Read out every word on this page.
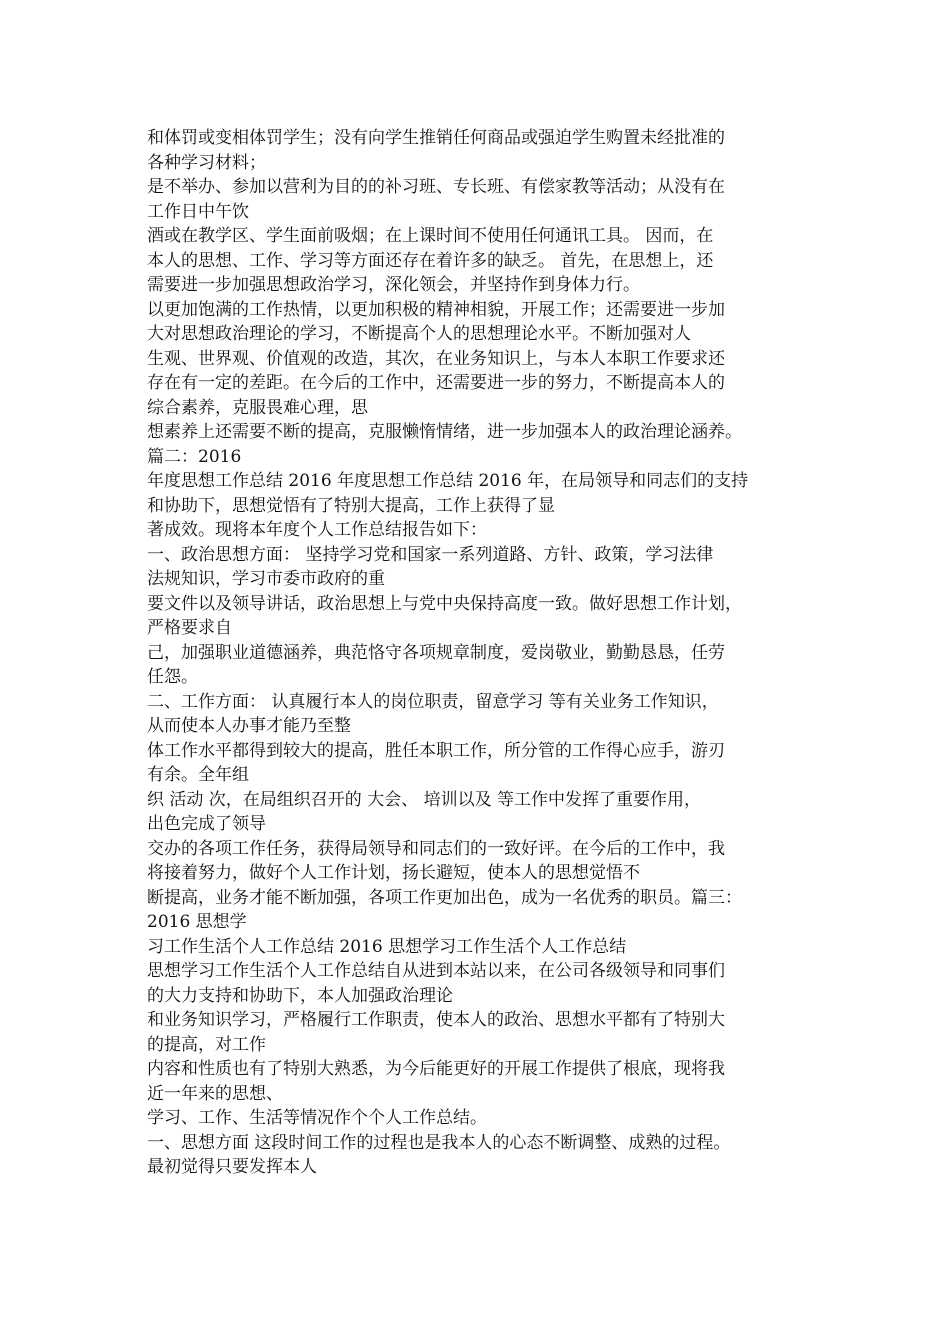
和体罚或变相体罚学生；没有向学生推销任何商品或强迫学生购置未经批准的
各种学习材料；
是不举办、参加以营利为目的的补习班、专长班、有偿家教等活动；从没有在
工作日中午饮
酒或在教学区、学生面前吸烟；在上课时间不使用任何通讯工具。 因而，在
本人的思想、工作、学习等方面还存在着许多的缺乏。 首先，在思想上，还
需要进一步加强思想政治学习，深化领会，并坚持作到身体力行。
以更加饱满的工作热情，以更加积极的精神相貌，开展工作；还需要进一步加
大对思想政治理论的学习，不断提高个人的思想理论水平。不断加强对人
生观、世界观、价值观的改造，其次，在业务知识上，与本人本职工作要求还
存在有一定的差距。在今后的工作中，还需要进一步的努力，不断提高本人的
综合素养，克服畏难心理，思
想素养上还需要不断的提高，克服懒惰情绪，进一步加强本人的政治理论涵养。
篇二：2016
年度思想工作总结 2016 年度思想工作总结 2016 年，在局领导和同志们的支持
和协助下，思想觉悟有了特别大提高，工作上获得了显
著成效。现将本年度个人工作总结报告如下：
一、政治思想方面： 坚持学习党和国家一系列道路、方针、政策，学习法律
法规知识，学习市委市政府的重
要文件以及领导讲话，政治思想上与党中央保持高度一致。做好思想工作计划，
严格要求自
己，加强职业道德涵养，典范恪守各项规章制度，爱岗敬业，勤勤恳恳，任劳
任怨。
二、工作方面： 认真履行本人的岗位职责，留意学习 等有关业务工作知识，
从而使本人办事才能乃至整
体工作水平都得到较大的提高，胜任本职工作，所分管的工作得心应手，游刃
有余。全年组
织 活动 次，在局组织召开的 大会、 培训以及 等工作中发挥了重要作用，
出色完成了领导
交办的各项工作任务，获得局领导和同志们的一致好评。在今后的工作中，我
将接着努力，做好个人工作计划，扬长避短，使本人的思想觉悟不
断提高，业务才能不断加强，各项工作更加出色，成为一名优秀的职员。篇三：
2016 思想学
习工作生活个人工作总结 2016 思想学习工作生活个人工作总结
思想学习工作生活个人工作总结自从进到本站以来，在公司各级领导和同事们
的大力支持和协助下，本人加强政治理论
和业务知识学习，严格履行工作职责，使本人的政治、思想水平都有了特别大
的提高，对工作
内容和性质也有了特别大熟悉，为今后能更好的开展工作提供了根底，现将我
近一年来的思想、
学习、工作、生活等情况作个个人工作总结。
一、思想方面 这段时间工作的过程也是我本人的心态不断调整、成熟的过程。
最初觉得只要发挥本人
